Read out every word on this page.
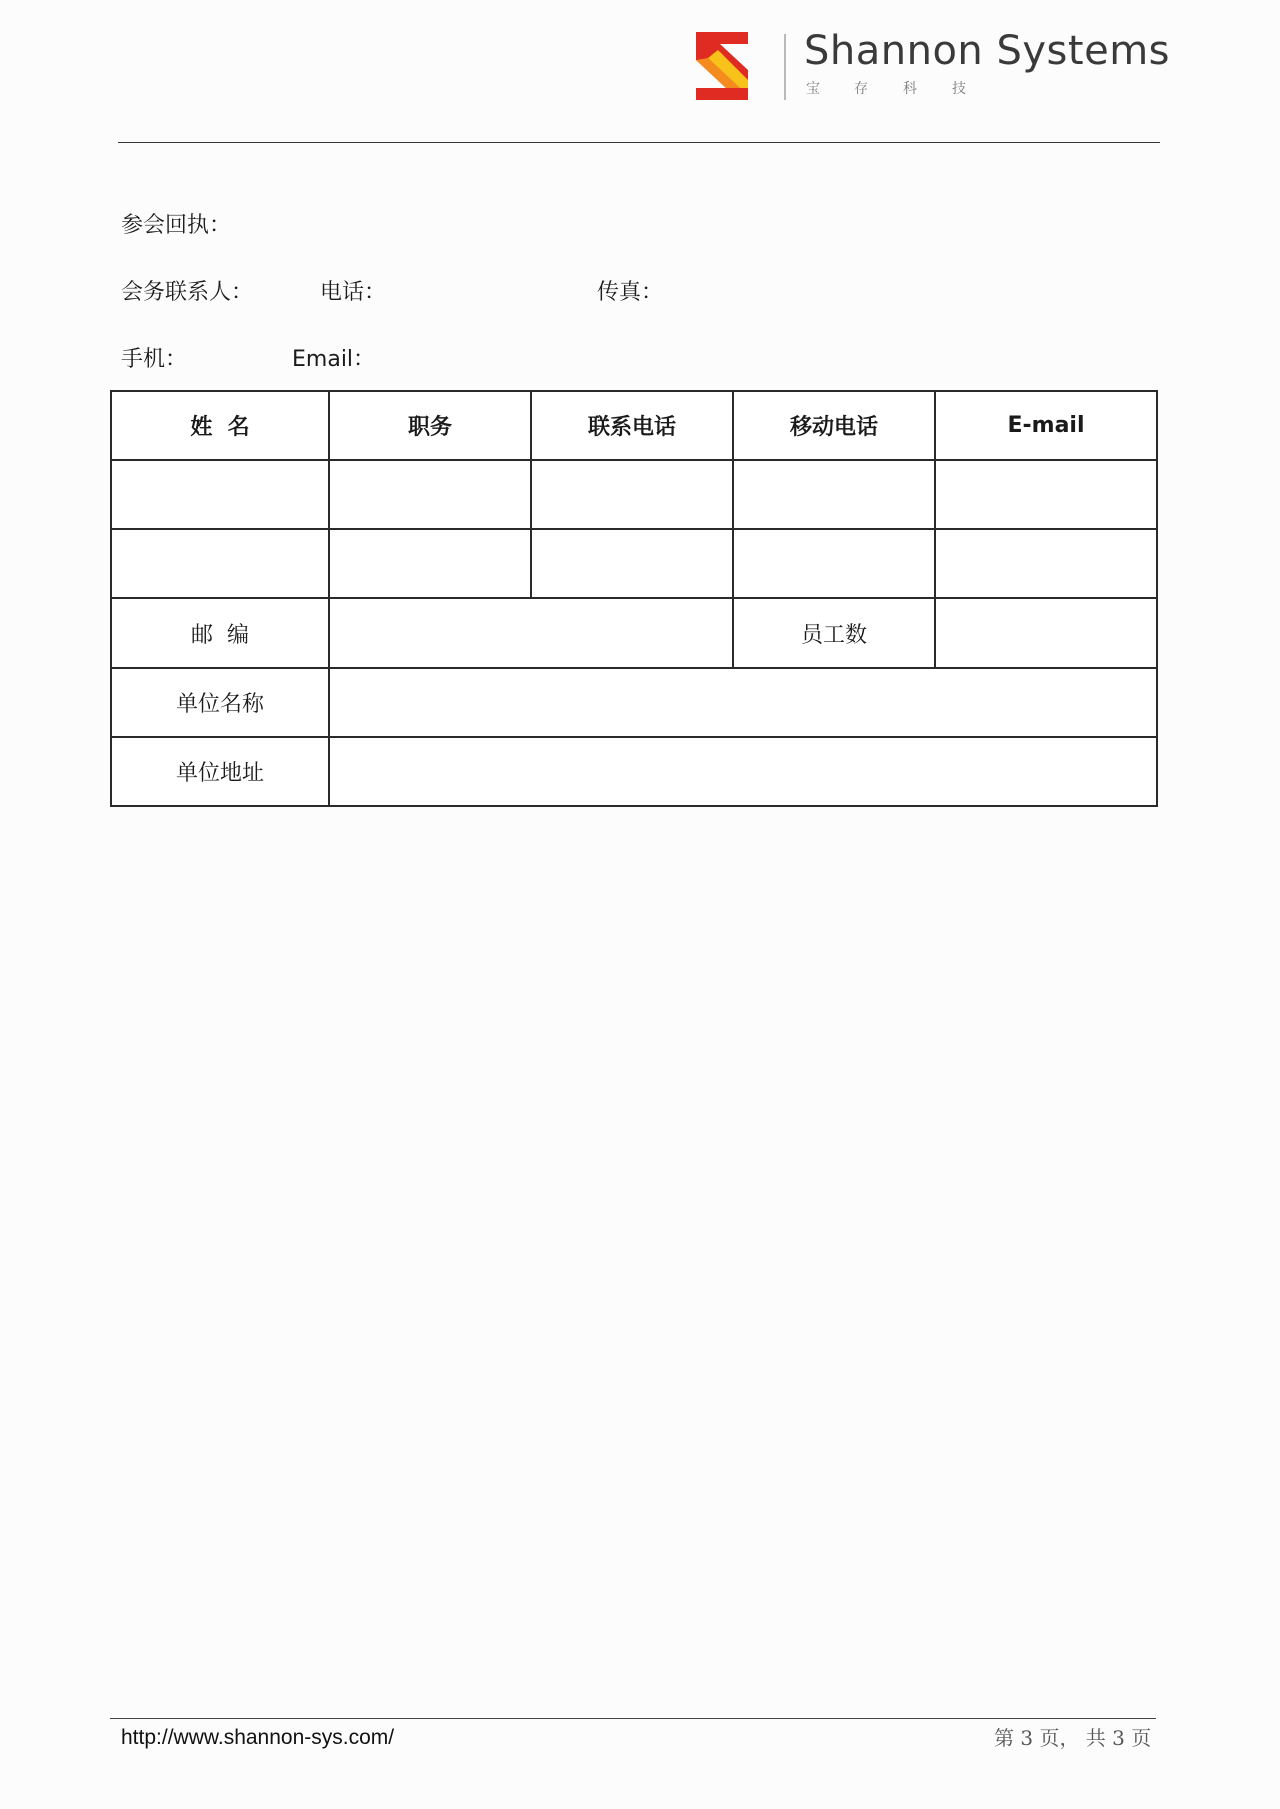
Shannon Systems
宝 存	科	技
参会回执：
会务联系人：	电话：	传真：
手机：	Email：
姓  名	职务	联系电话	移动电话	E-mail

邮  编			员工数	
单位名称				
单位地址				
http://www.shannon-sys.com/	第 3 页， 共 3 页
